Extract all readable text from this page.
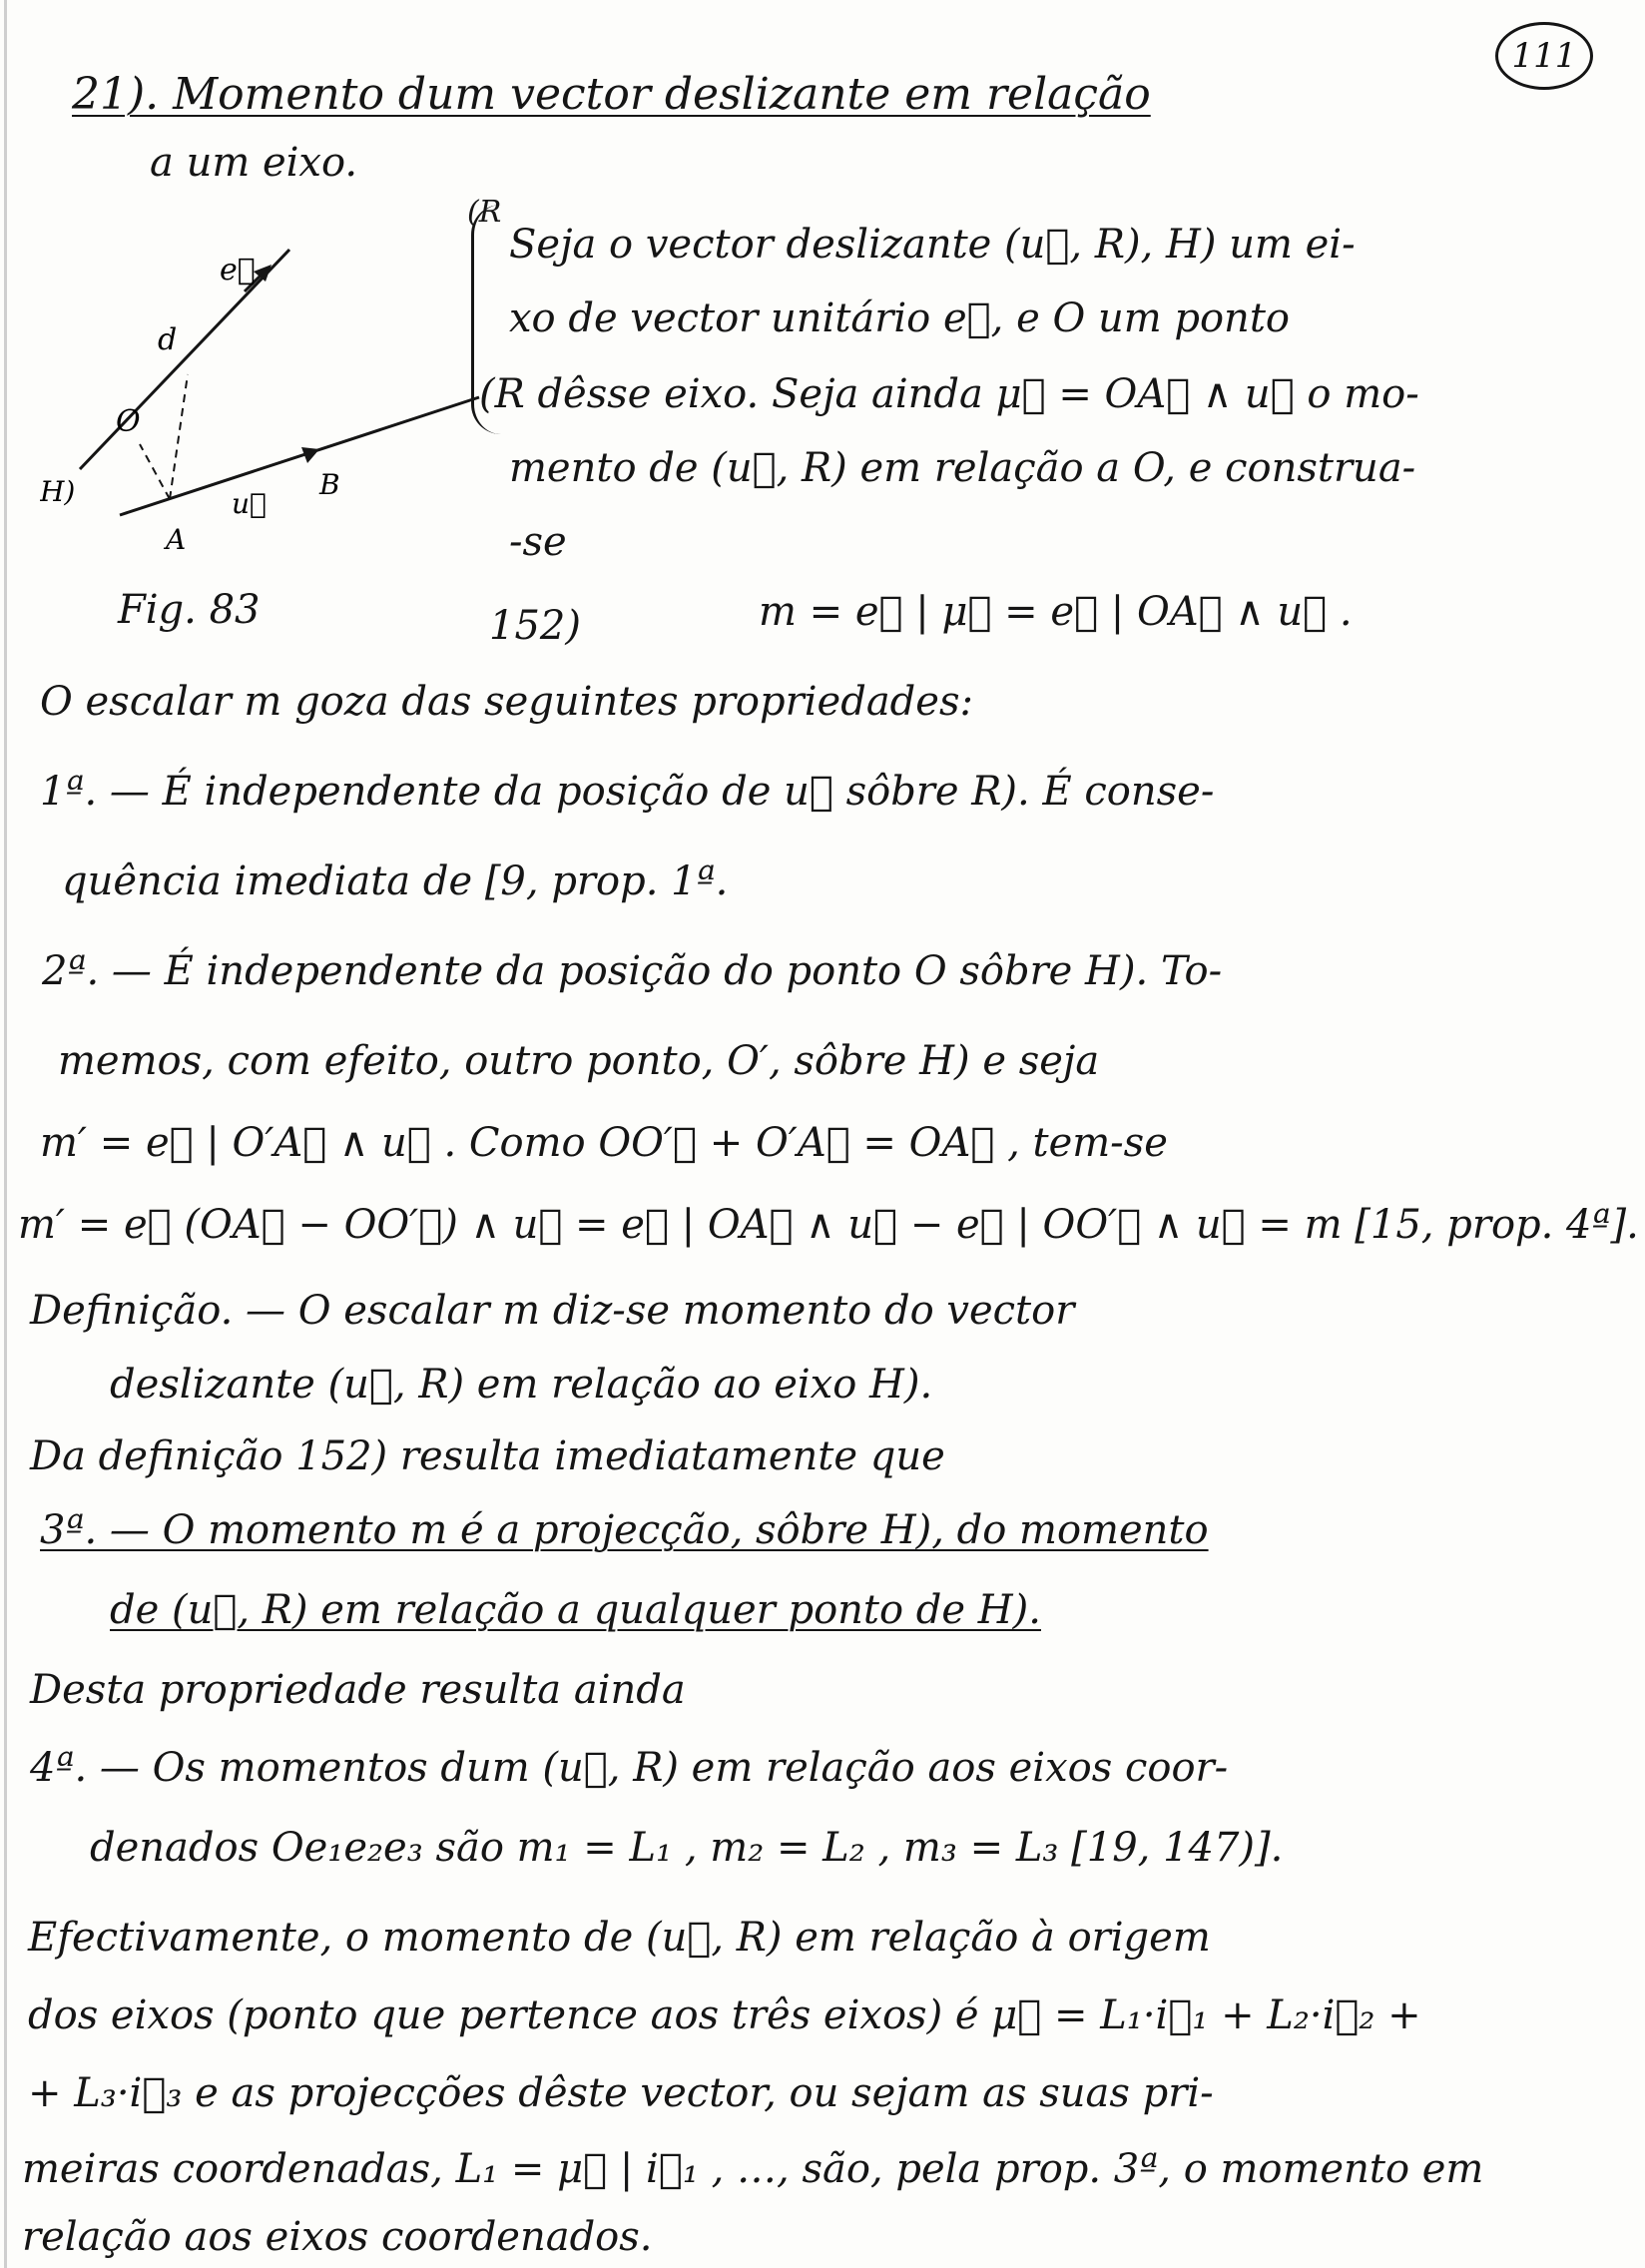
111
21). Momento dum vector deslizante em relação
a um eixo.
e⃗
d
O
H)
A
B
u⃗
(R
Seja o vector deslizante (u⃗, R), H) um ei-
xo de vector unitário e⃗, e O um ponto
(R dêsse eixo. Seja ainda μ⃗ = OA⃗ ∧ u⃗ o mo-
mento de (u⃗, R) em relação a O, e construa-
-se
Fig. 83	152)	m = e⃗ | μ⃗ = e⃗ | OA⃗ ∧ u⃗ .
O escalar m goza das seguintes propriedades:
1ª. — É independente da posição de u⃗ sôbre R). É conse-
quência imediata de [9, prop. 1ª.
2ª. — É independente da posição do ponto O sôbre H). To-
memos, com efeito, outro ponto, O′, sôbre H) e seja
m′ = e⃗ | O′A⃗ ∧ u⃗ . Como OO′⃗ + O′A⃗ = OA⃗ , tem-se
m′ = e⃗ (OA⃗ − OO′⃗) ∧ u⃗ = e⃗ | OA⃗ ∧ u⃗ − e⃗ | OO′⃗ ∧ u⃗ = m [15, prop. 4ª].
Definição. — O escalar m diz-se momento do vector
deslizante (u⃗, R) em relação ao eixo H).
Da definição 152) resulta imediatamente que
3ª. — O momento m é a projecção, sôbre H), do momento
de (u⃗, R) em relação a qualquer ponto de H).
Desta propriedade resulta ainda
4ª. — Os momentos dum (u⃗, R) em relação aos eixos coor-
denados Oe₁e₂e₃ são m₁ = L₁ , m₂ = L₂ , m₃ = L₃ [19, 147)].
Efectivamente, o momento de (u⃗, R) em relação à origem
dos eixos (ponto que pertence aos três eixos) é μ⃗ = L₁·i⃗₁ + L₂·i⃗₂ +
+ L₃·i⃗₃ e as projecções dêste vector, ou sejam as suas pri-
meiras coordenadas, L₁ = μ⃗ | i⃗₁ , …, são, pela prop. 3ª, o momento em
relação aos eixos coordenados.
